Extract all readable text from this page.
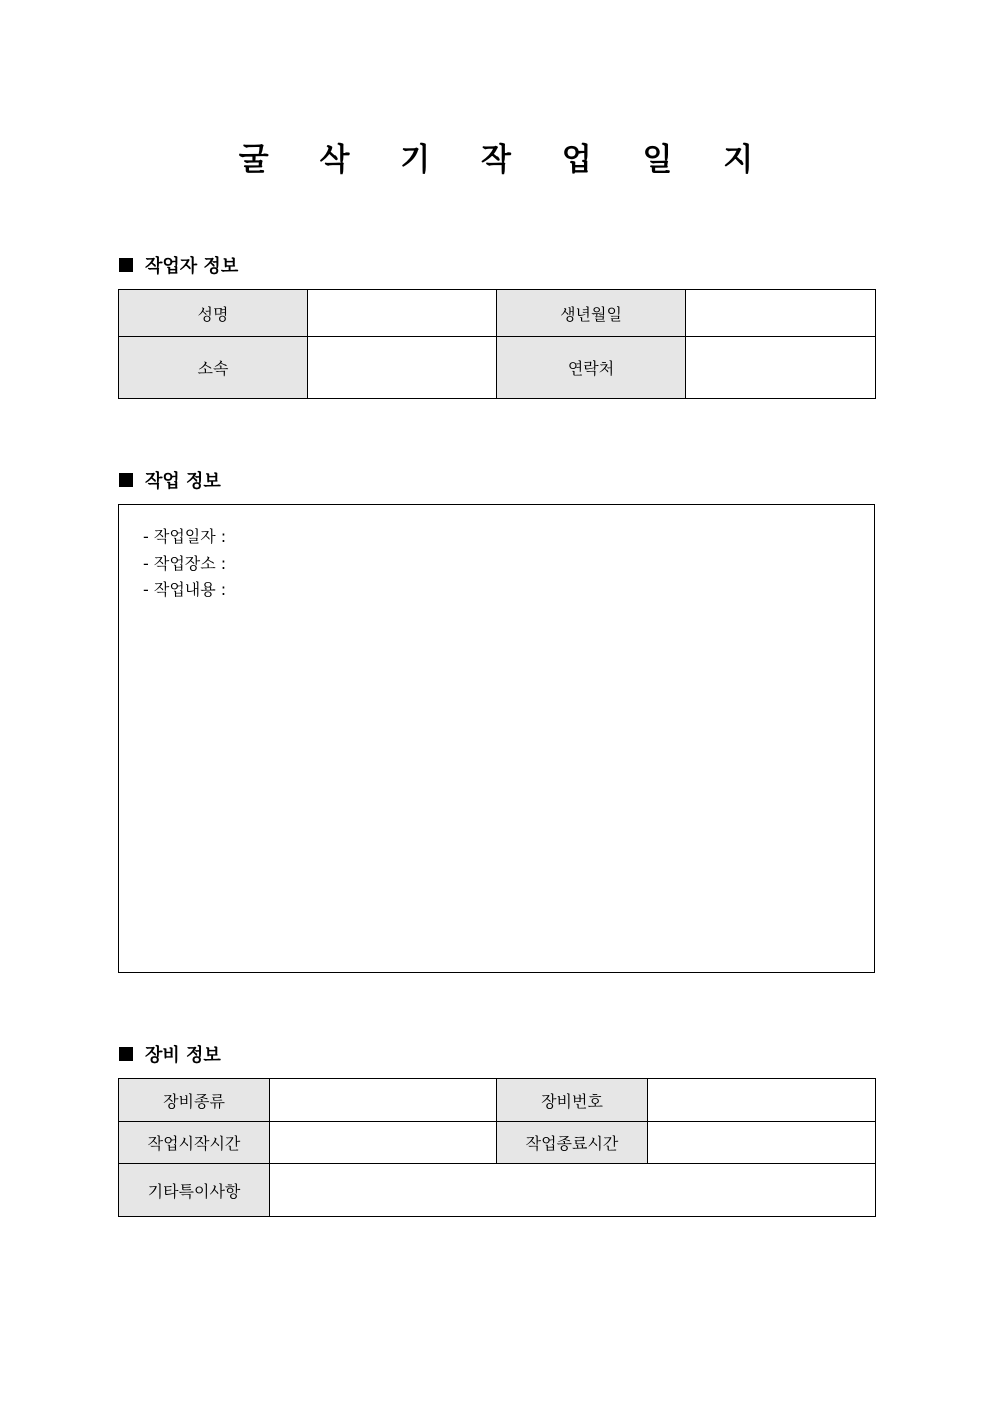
굴 삭 기 작 업 일 지
작업자 정보
성명		생년월일	
소속		연락처	
작업 정보
- 작업일자 :
- 작업장소 :
- 작업내용 :
장비 정보
장비종류		장비번호	
작업시작시간		작업종료시간	
기타특이사항			
